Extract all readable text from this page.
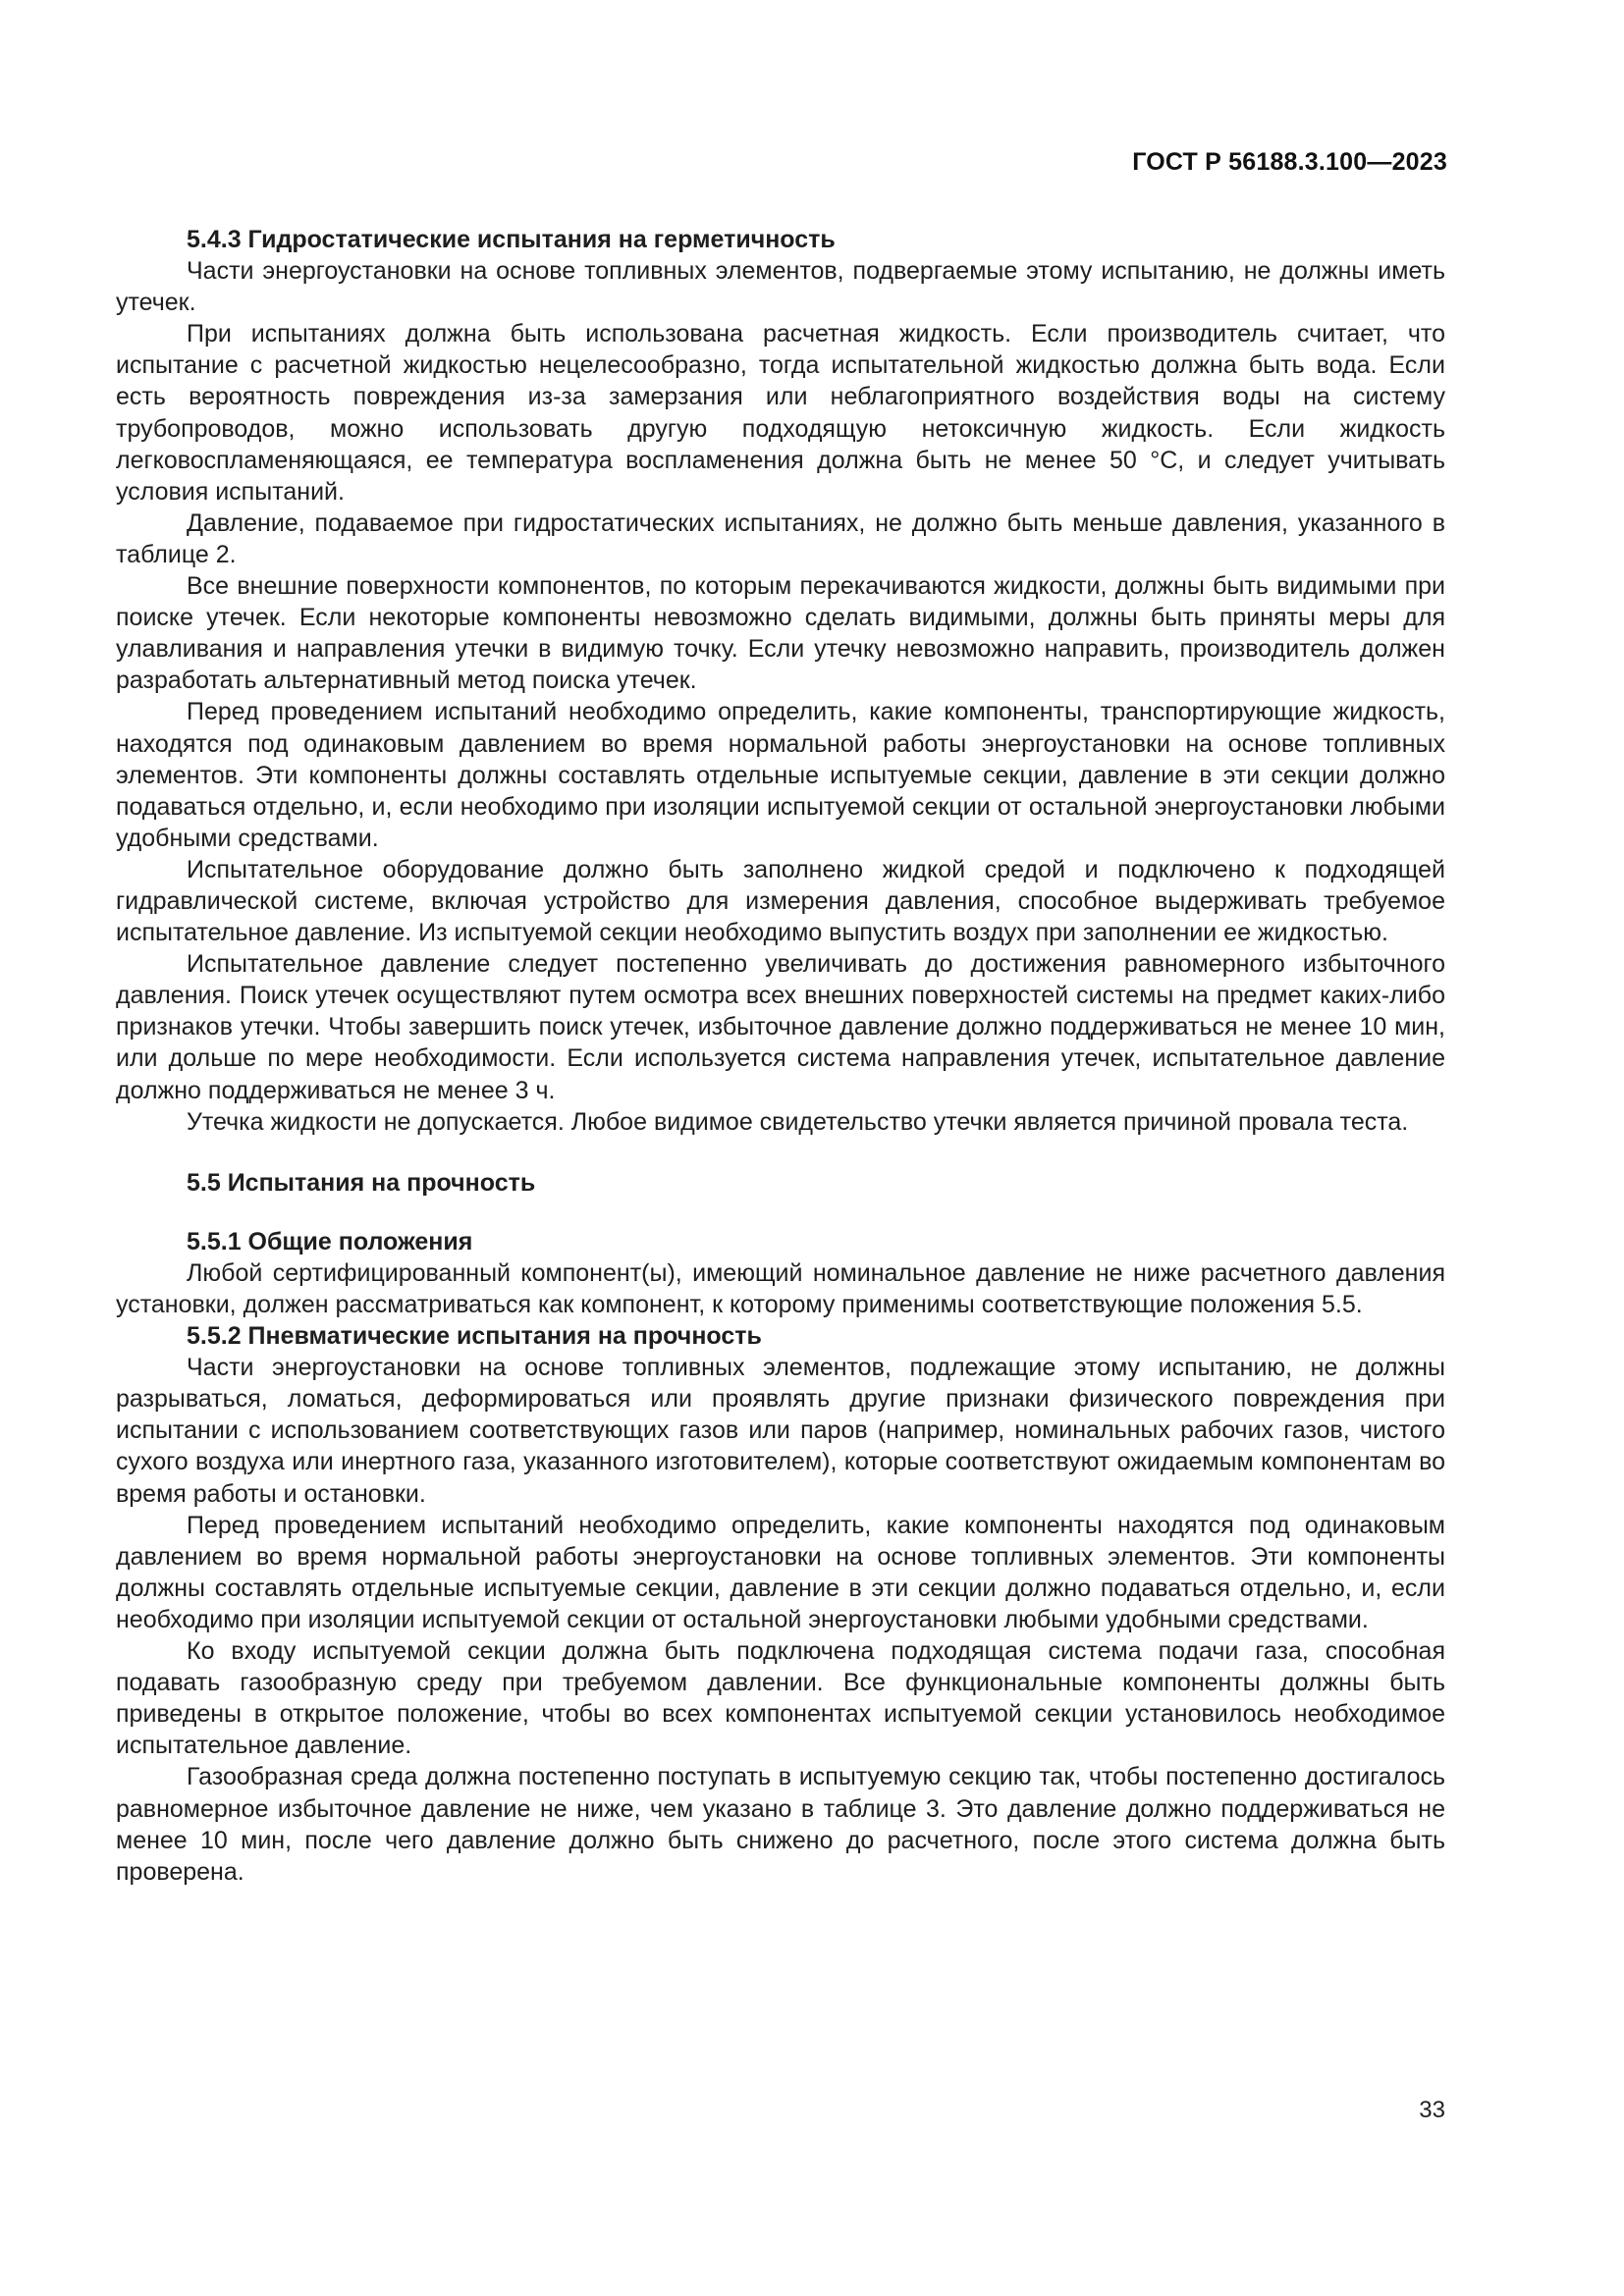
ГОСТ Р 56188.3.100—2023
5.4.3 Гидростатические испытания на герметичность

Части энергоустановки на основе топливных элементов, подвергаемые этому испытанию, не должны иметь утечек.

При испытаниях должна быть использована расчетная жидкость. Если производитель считает, что испытание с расчетной жидкостью нецелесообразно, тогда испытательной жидкостью должна быть вода. Если есть вероятность повреждения из-за замерзания или неблагоприятного воздействия воды на систему трубопроводов, можно использовать другую подходящую нетоксичную жидкость. Если жидкость легковоспламеняющаяся, ее температура воспламенения должна быть не менее 50 °С, и следует учитывать условия испытаний.

Давление, подаваемое при гидростатических испытаниях, не должно быть меньше давления, указанного в таблице 2.

Все внешние поверхности компонентов, по которым перекачиваются жидкости, должны быть видимыми при поиске утечек. Если некоторые компоненты невозможно сделать видимыми, должны быть приняты меры для улавливания и направления утечки в видимую точку. Если утечку невозможно направить, производитель должен разработать альтернативный метод поиска утечек.

Перед проведением испытаний необходимо определить, какие компоненты, транспортирующие жидкость, находятся под одинаковым давлением во время нормальной работы энергоустановки на основе топливных элементов. Эти компоненты должны составлять отдельные испытуемые секции, давление в эти секции должно подаваться отдельно, и, если необходимо при изоляции испытуемой секции от остальной энергоустановки любыми удобными средствами.

Испытательное оборудование должно быть заполнено жидкой средой и подключено к подходящей гидравлической системе, включая устройство для измерения давления, способное выдерживать требуемое испытательное давление. Из испытуемой секции необходимо выпустить воздух при заполнении ее жидкостью.

Испытательное давление следует постепенно увеличивать до достижения равномерного избыточного давления. Поиск утечек осуществляют путем осмотра всех внешних поверхностей системы на предмет каких-либо признаков утечки. Чтобы завершить поиск утечек, избыточное давление должно поддерживаться не менее 10 мин, или дольше по мере необходимости. Если используется система направления утечек, испытательное давление должно поддерживаться не менее 3 ч.

Утечка жидкости не допускается. Любое видимое свидетельство утечки является причиной провала теста.

5.5 Испытания на прочность
5.5.1 Общие положения

Любой сертифицированный компонент(ы), имеющий номинальное давление не ниже расчетного давления установки, должен рассматриваться как компонент, к которому применимы соответствующие положения 5.5.

5.5.2 Пневматические испытания на прочность

Части энергоустановки на основе топливных элементов, подлежащие этому испытанию, не должны разрываться, ломаться, деформироваться или проявлять другие признаки физического повреждения при испытании с использованием соответствующих газов или паров (например, номинальных рабочих газов, чистого сухого воздуха или инертного газа, указанного изготовителем), которые соответствуют ожидаемым компонентам во время работы и остановки.

Перед проведением испытаний необходимо определить, какие компоненты находятся под одинаковым давлением во время нормальной работы энергоустановки на основе топливных элементов. Эти компоненты должны составлять отдельные испытуемые секции, давление в эти секции должно подаваться отдельно, и, если необходимо при изоляции испытуемой секции от остальной энергоустановки любыми удобными средствами.

Ко входу испытуемой секции должна быть подключена подходящая система подачи газа, способная подавать газообразную среду при требуемом давлении. Все функциональные компоненты должны быть приведены в открытое положение, чтобы во всех компонентах испытуемой секции установилось необходимое испытательное давление.

Газообразная среда должна постепенно поступать в испытуемую секцию так, чтобы постепенно достигалось равномерное избыточное давление не ниже, чем указано в таблице 3. Это давление должно поддерживаться не менее 10 мин, после чего давление должно быть снижено до расчетного, после этого система должна быть проверена.

33
